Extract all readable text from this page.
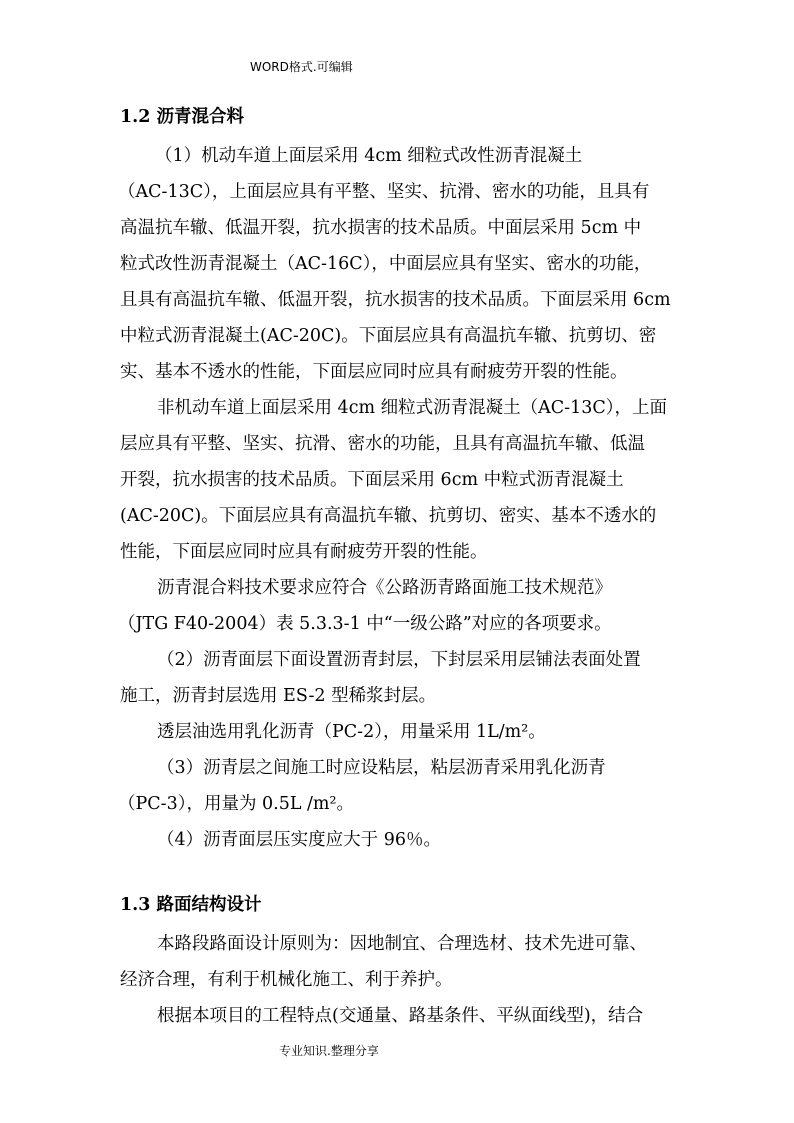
WORD格式.可编辑
1.2 沥青混合料
（1）机动车道上面层采用 4cm 细粒式改性沥青混凝土
（AC-13C），上面层应具有平整、坚实、抗滑、密水的功能，且具有
高温抗车辙、低温开裂，抗水损害的技术品质。中面层采用 5cm 中
粒式改性沥青混凝土（AC-16C），中面层应具有坚实、密水的功能，
且具有高温抗车辙、低温开裂，抗水损害的技术品质。下面层采用 6cm
中粒式沥青混凝土(AC-20C)。下面层应具有高温抗车辙、抗剪切、密
实、基本不透水的性能，下面层应同时应具有耐疲劳开裂的性能。
非机动车道上面层采用 4cm 细粒式沥青混凝土（AC-13C），上面
层应具有平整、坚实、抗滑、密水的功能，且具有高温抗车辙、低温
开裂，抗水损害的技术品质。下面层采用 6cm 中粒式沥青混凝土
(AC-20C)。下面层应具有高温抗车辙、抗剪切、密实、基本不透水的
性能，下面层应同时应具有耐疲劳开裂的性能。
沥青混合料技术要求应符合《公路沥青路面施工技术规范》
（JTG F40-2004）表 5.3.3-1 中“一级公路”对应的各项要求。
（2）沥青面层下面设置沥青封层，下封层采用层铺法表面处置
施工，沥青封层选用 ES-2 型稀浆封层。
透层油选用乳化沥青（PC-2），用量采用 1L/m²。
（3）沥青层之间施工时应设粘层，粘层沥青采用乳化沥青
（PC-3），用量为 0.5L /m²。
（4）沥青面层压实度应大于 96％。
1.3 路面结构设计
本路段路面设计原则为：因地制宜、合理选材、技术先进可靠、
经济合理，有利于机械化施工、利于养护。
根据本项目的工程特点(交通量、路基条件、平纵面线型)，结合
专业知识.整理分享
